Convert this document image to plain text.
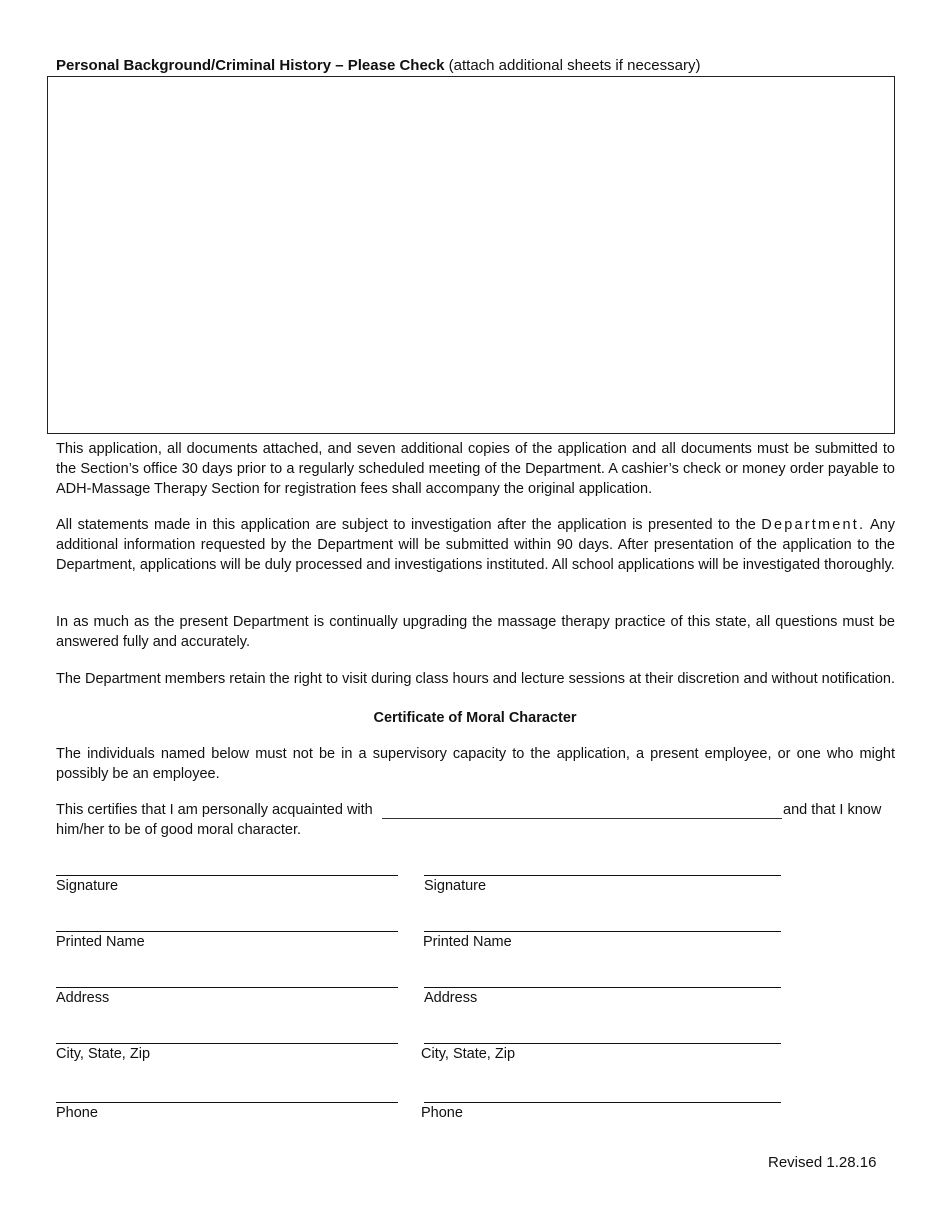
Personal Background/Criminal History – Please Check (attach additional sheets if necessary)
This application, all documents attached, and seven additional copies of the application and all documents must be submitted to the Section’s office 30 days prior to a regularly scheduled meeting of the Department. A cashier’s check or money order payable to ADH-Massage Therapy Section for registration fees shall accompany the original application.
All statements made in this application are subject to investigation after the application is presented to the Department. Any additional information requested by the Department will be submitted within 90 days. After presentation of the application to the Department, applications will be duly processed and investigations instituted. All school applications will be investigated thoroughly.
In as much as the present Department is continually upgrading the massage therapy practice of this state, all questions must be answered fully and accurately.
The Department members retain the right to visit during class hours and lecture sessions at their discretion and without notification.
Certificate of Moral Character
The individuals named below must not be in a supervisory capacity to the application, a present employee, or one who might possibly be an employee.
This certifies that I am personally acquainted with	and that I know
him/her to be of good moral character.
Signature
Printed Name
Address
City, State, Zip
Phone
Signature
Printed Name
Address
City, State, Zip
Phone
Revised 1.28.16
